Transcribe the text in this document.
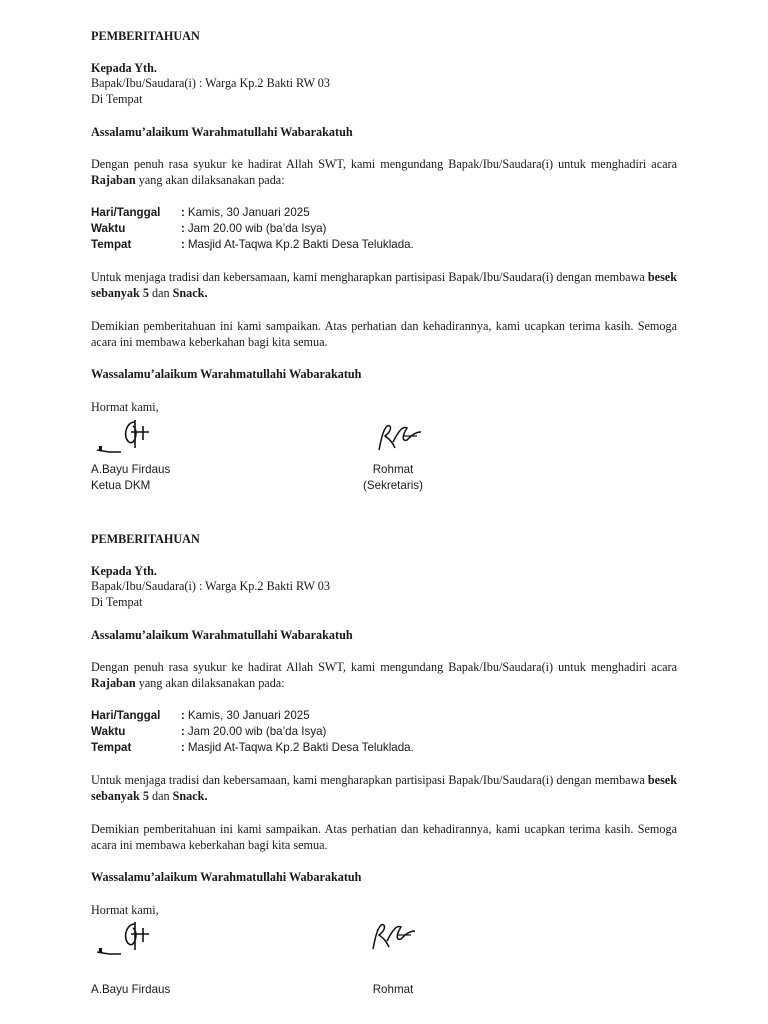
PEMBERITAHUAN
Kepada Yth.
Bapak/Ibu/Saudara(i) : Warga Kp.2 Bakti RW 03
Di Tempat
Assalamu’alaikum Warahmatullahi Wabarakatuh
Dengan penuh rasa syukur ke hadirat Allah SWT, kami mengundang Bapak/Ibu/Saudara(i) untuk menghadiri acara Rajaban yang akan dilaksanakan pada:
Hari/Tanggal	: Kamis, 30 Januari 2025
Waktu	: Jam 20.00 wib (ba’da Isya)
Tempat	: Masjid At-Taqwa Kp.2 Bakti Desa Teluklada.
Untuk menjaga tradisi dan kebersamaan, kami mengharapkan partisipasi Bapak/Ibu/Saudara(i) dengan membawa besek sebanyak 5 dan Snack.
Demikian pemberitahuan ini kami sampaikan. Atas perhatian dan kehadirannya, kami ucapkan terima kasih. Semoga acara ini membawa keberkahan bagi kita semua.
Wassalamu’alaikum Warahmatullahi Wabarakatuh
Hormat kami,
A.Bayu Firdaus
Ketua DKM
Rohmat
(Sekretaris)
PEMBERITAHUAN
Kepada Yth.
Bapak/Ibu/Saudara(i) : Warga Kp.2 Bakti RW 03
Di Tempat
Assalamu’alaikum Warahmatullahi Wabarakatuh
Dengan penuh rasa syukur ke hadirat Allah SWT, kami mengundang Bapak/Ibu/Saudara(i) untuk menghadiri acara Rajaban yang akan dilaksanakan pada:
Hari/Tanggal	: Kamis, 30 Januari 2025
Waktu	: Jam 20.00 wib (ba’da Isya)
Tempat	: Masjid At-Taqwa Kp.2 Bakti Desa Teluklada.
Untuk menjaga tradisi dan kebersamaan, kami mengharapkan partisipasi Bapak/Ibu/Saudara(i) dengan membawa besek sebanyak 5 dan Snack.
Demikian pemberitahuan ini kami sampaikan. Atas perhatian dan kehadirannya, kami ucapkan terima kasih. Semoga acara ini membawa keberkahan bagi kita semua.
Wassalamu’alaikum Warahmatullahi Wabarakatuh
Hormat kami,
A.Bayu Firdaus	Rohmat
